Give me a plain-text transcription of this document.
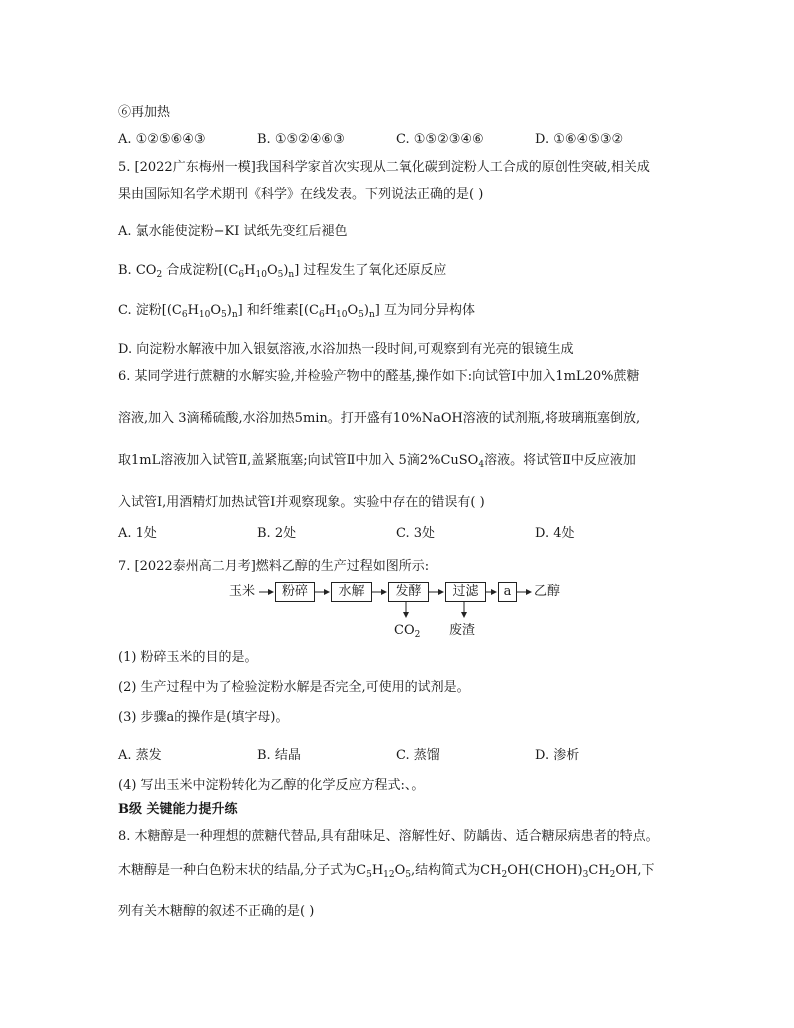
⑥再加热
A. ①②⑤⑥④③	B. ①⑤②④⑥③	C. ①⑤②③④⑥	D. ①⑥④⑤③②
5. [2022广东梅州一模]我国科学家首次实现从二氧化碳到淀粉人工合成的原创性突破,相关成
果由国际知名学术期刊《科学》在线发表。下列说法正确的是( )
A. 氯水能使淀粉−KI 试纸先变红后褪色
B. $CO_2$ 合成淀粉$[(C_6H_{10}O_5)_n]$ 过程发生了氧化还原反应
C. 淀粉$[(C_6H_{10}O_5)_n]$ 和纤维素$[(C_6H_{10}O_5)_n]$ 互为同分异构体
D. 向淀粉水解液中加入银氨溶液,水浴加热一段时间,可观察到有光亮的银镜生成
6. 某同学进行蔗糖的水解实验,并检验产物中的醛基,操作如下:向试管Ⅰ中加入1mL20%蔗糖
溶液,加入 3滴稀硫酸,水浴加热5min。打开盛有10%NaOH溶液的试剂瓶,将玻璃瓶塞倒放,
取1mL溶液加入试管Ⅱ,盖紧瓶塞;向试管Ⅱ中加入 5滴2%CuSO$_4$溶液。将试管Ⅱ中反应液加
入试管Ⅰ,用酒精灯加热试管Ⅰ并观察现象。实验中存在的错误有( )
A. 1处	B. 2处	C. 3处	D. 4处
7. [2022泰州高二月考]燃料乙醇的生产过程如图所示:
玉米	粉碎	水解	发酵	过滤	a	乙醇
$CO_2$ 废渣
(1) 粉碎玉米的目的是。
(2) 生产过程中为了检验淀粉水解是否完全,可使用的试剂是。
(3) 步骤a的操作是(填字母)。
A. 蒸发	B. 结晶	C. 蒸馏	D. 渗析
(4) 写出玉米中淀粉转化为乙醇的化学反应方程式:、。
B级 关键能力提升练
8. 木糖醇是一种理想的蔗糖代替品,具有甜味足、溶解性好、防龋齿、适合糖尿病患者的特点。
木糖醇是一种白色粉末状的结晶,分子式为$C_5H_{12}O_5$,结构简式为$CH_2OH(CHOH)_3CH_2OH$,下
列有关木糖醇的叙述不正确的是( )
